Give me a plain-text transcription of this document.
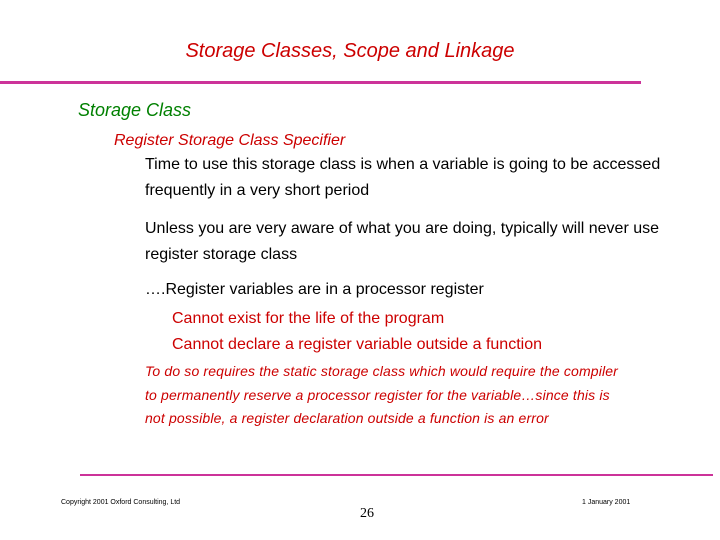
Storage Classes, Scope and Linkage
Storage Class
Register Storage Class Specifier
Time to use this storage class is when a variable is going to be accessed frequently in a very short period
Unless you are very aware of what you are doing, typically will never use register storage class
….Register variables are in a processor register
Cannot exist for the life of the program
Cannot declare a register variable outside a function
To do so requires the static storage class which would require the compiler to permanently reserve a processor register for the variable…since this is not possible, a register declaration outside a function is an error
Copyright 2001 Oxford Consulting, Ltd
26
1 January 2001
